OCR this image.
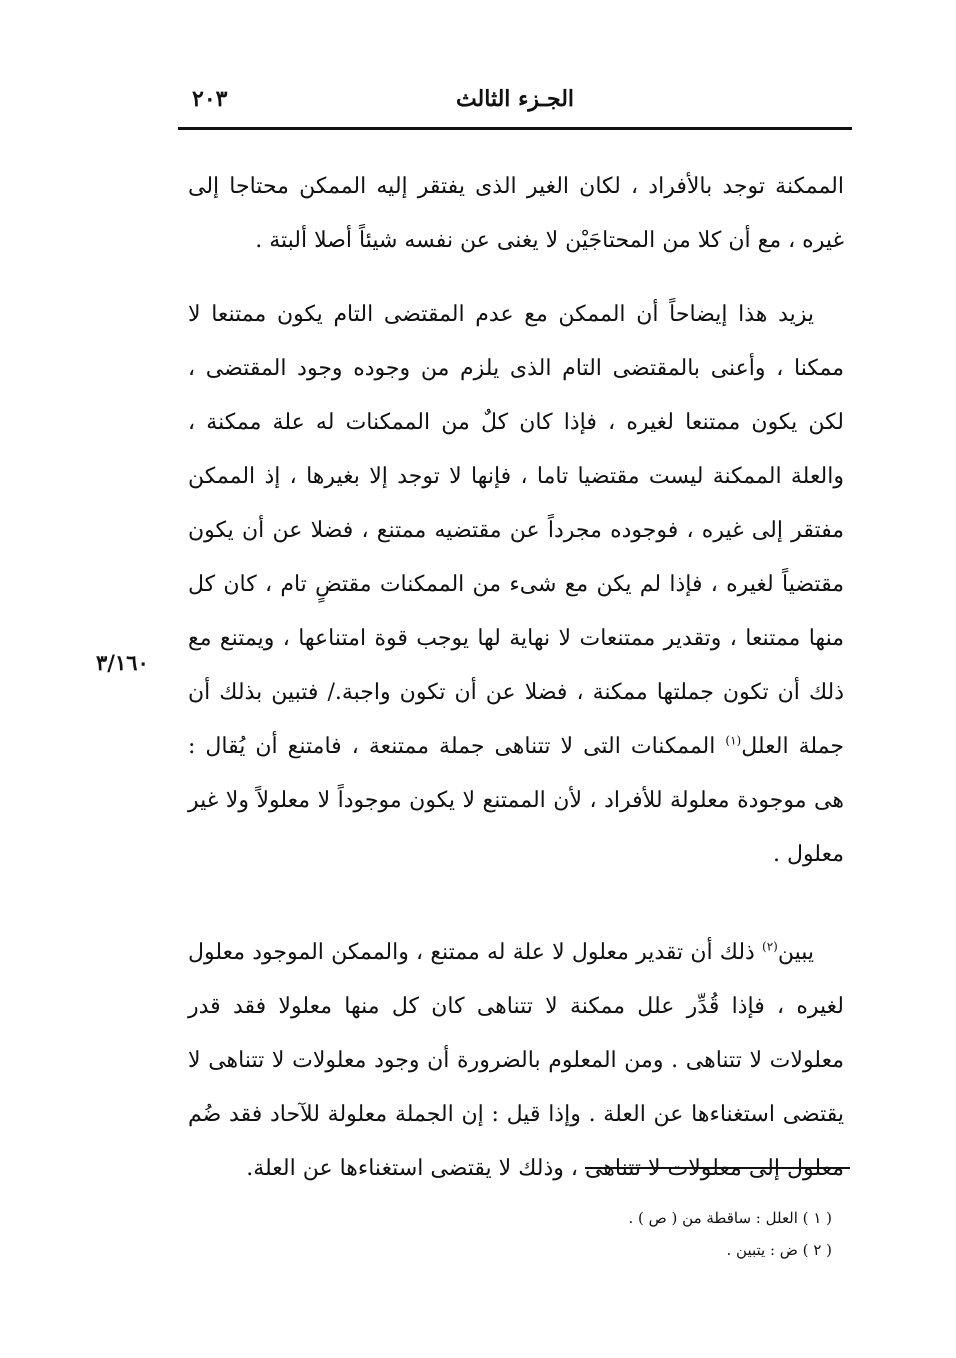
٢٠٣	الجـزء الثالث
٣/١٦٠

الممكنة توجد بالأفراد ، لكان الغير الذى يفتقر إليه الممكن محتاجا إلى غيره ، مع أن كلا من المحتاجَيْن لا يغنى عن نفسه شيئاً أصلا ألبتة .

يزيد هذا إيضاحاً أن الممكن مع عدم المقتضى التام يكون ممتنعا لا ممكنا ، وأعنى بالمقتضى التام الذى يلزم من وجوده وجود المقتضى ، لكن يكون ممتنعا لغيره ، فإذا كان كلٌ من الممكنات له علة ممكنة ، والعلة الممكنة ليست مقتضيا تاما ، فإنها لا توجد إلا بغيرها ، إذ الممكن مفتقر إلى غيره ، فوجوده مجرداً عن مقتضيه ممتنع ، فضلا عن أن يكون مقتضياً لغيره ، فإذا لم يكن مع شىء من الممكنات مقتضٍ تام ، كان كل منها ممتنعا ، وتقدير ممتنعات لا نهاية لها يوجب قوة امتناعها ، ويمتنع مع ذلك أن تكون جملتها ممكنة ، فضلا عن أن تكون واجبة./ فتبين بذلك أن جملة العلل$^{(١)}$ الممكنات التى لا تتناهى جملة ممتنعة ، فامتنع أن يُقال : هى موجودة معلولة للأفراد ، لأن الممتنع لا يكون موجوداً لا معلولاً ولا غير معلول .

يبين$^{(٢)}$ ذلك أن تقدير معلول لا علة له ممتنع ، والممكن الموجود معلول لغيره ، فإذا قُدِّر علل ممكنة لا تتناهى كان كل منها معلولا فقد قدر معلولات لا تتناهى . ومن المعلوم بالضرورة أن وجود معلولات لا تتناهى لا يقتضى استغناءها عن العلة . وإذا قيل : إن الجملة معلولة للآحاد فقد ضُم معلول إلى معلولات لا تتناهى ، وذلك لا يقتضى استغناءها عن العلة.

( ١ ) العلل : ساقطة من ( ص ) .

( ٢ ) ض : يتبين .
